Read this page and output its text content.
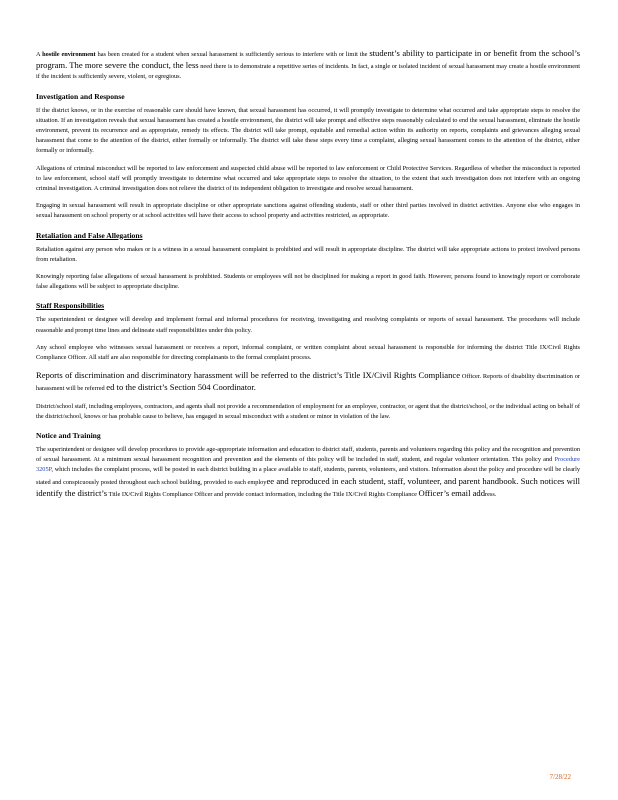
A hostile environment has been created for a student when sexual harassment is sufficiently serious to interfere with or limit the student’s ability to participate in or benefit from the school’s program. The more severe the conduct, the less need there is to demonstrate a repetitive series of incidents. In fact, a single or isolated incident of sexual harassment may create a hostile environment if the incident is sufficiently severe, violent, or egregious.

Investigation and Response

If the district knows, or in the exercise of reasonable care should have known, that sexual harassment has occurred, it will promptly investigate to determine what occurred and take appropriate steps to resolve the situation. If an investigation reveals that sexual harassment has created a hostile environment, the district will take prompt and effective steps reasonably calculated to end the sexual harassment, eliminate the hostile environment, prevent its recurrence and as appropriate, remedy its effects. The district will take prompt, equitable and remedial action within its authority on reports, complaints and grievances alleging sexual harassment that come to the attention of the district, either formally or informally. The district will take these steps every time a complaint, alleging sexual harassment comes to the attention of the district, either formally or informally.

Allegations of criminal misconduct will be reported to law enforcement and suspected child abuse will be reported to law enforcement or Child Protective Services. Regardless of whether the misconduct is reported to law enforcement, school staff will promptly investigate to determine what occurred and take appropriate steps to resolve the situation, to the extent that such investigation does not interfere with an ongoing criminal investigation. A criminal investigation does not relieve the district of its independent obligation to investigate and resolve sexual harassment.

Engaging in sexual harassment will result in appropriate discipline or other appropriate sanctions against offending students, staff or other third parties involved in district activities. Anyone else who engages in sexual harassment on school property or at school activities will have their access to school property and activities restricted, as appropriate.

Retaliation and False Allegations

Retaliation against any person who makes or is a witness in a sexual harassment complaint is prohibited and will result in appropriate discipline. The district will take appropriate actions to protect involved persons from retaliation.

Knowingly reporting false allegations of sexual harassment is prohibited. Students or employees will not be disciplined for making a report in good faith. However, persons found to knowingly report or corroborate false allegations will be subject to appropriate discipline.

Staff Responsibilities

The superintendent or designee will develop and implement formal and informal procedures for receiving, investigating and resolving complaints or reports of sexual harassment. The procedures will include reasonable and prompt time lines and delineate staff responsibilities under this policy.

Any school employee who witnesses sexual harassment or receives a report, informal complaint, or written complaint about sexual harassment is responsible for informing the district Title IX/Civil Rights Compliance Officer. All staff are also responsible for directing complainants to the formal complaint process.

Reports of discrimination and discriminatory harassment will be referred to the district’s Title IX/Civil Rights Compliance Officer. Reports of disability discrimination or harassment will be referred ed to the district’s Section 504 Coordinator.

District/school staff, including employees, contractors, and agents shall not provide a recommendation of employment for an employee, contractor, or agent that the district/school, or the individual acting on behalf of the district/school, knows or has probable cause to believe, has engaged in sexual misconduct with a student or minor in violation of the law.

Notice and Training

The superintendent or designee will develop procedures to provide age-appropriate information and education to district staff, students, parents and volunteers regarding this policy and the recognition and prevention of sexual harassment. At a minimum sexual harassment recognition and prevention and the elements of this policy will be included in staff, student, and regular volunteer orientation. This policy and Procedure 3205P, which includes the complaint process, will be posted in each district building in a place available to staff, students, parents, volunteers, and visitors. Information about the policy and procedure will be clearly stated and conspicuously posted throughout each school building, provided to each employee and reproduced in each student, staff, volunteer, and parent handbook. Such notices will identify the district’s Title IX/Civil Rights Compliance Officer and provide contact information, including the Title IX/Civil Rights Compliance Officer’s email address.

7/28/22
